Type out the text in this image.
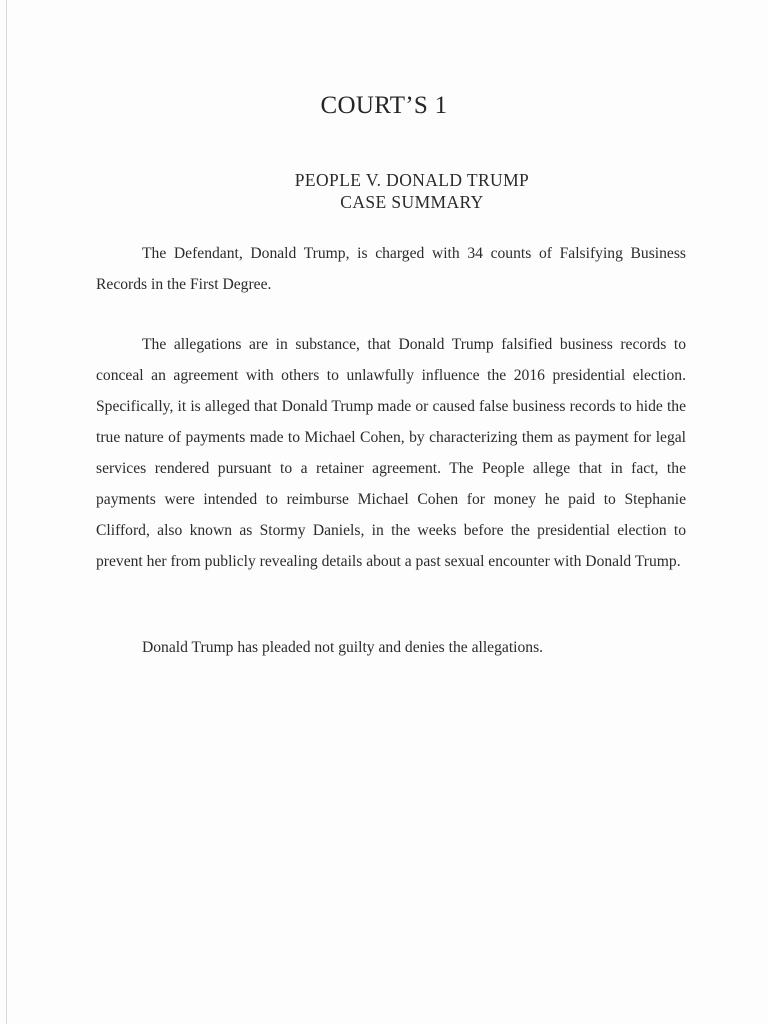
COURT’S 1
PEOPLE V. DONALD TRUMP
CASE SUMMARY

The Defendant, Donald Trump, is charged with 34 counts of Falsifying Business Records in the First Degree.

The allegations are in substance, that Donald Trump falsified business records to conceal an agreement with others to unlawfully influence the 2016 presidential election. Specifically, it is alleged that Donald Trump made or caused false business records to hide the true nature of payments made to Michael Cohen, by characterizing them as payment for legal services rendered pursuant to a retainer agreement. The People allege that in fact, the payments were intended to reimburse Michael Cohen for money he paid to Stephanie Clifford, also known as Stormy Daniels, in the weeks before the presidential election to prevent her from publicly revealing details about a past sexual encounter with Donald Trump.

Donald Trump has pleaded not guilty and denies the allegations.
